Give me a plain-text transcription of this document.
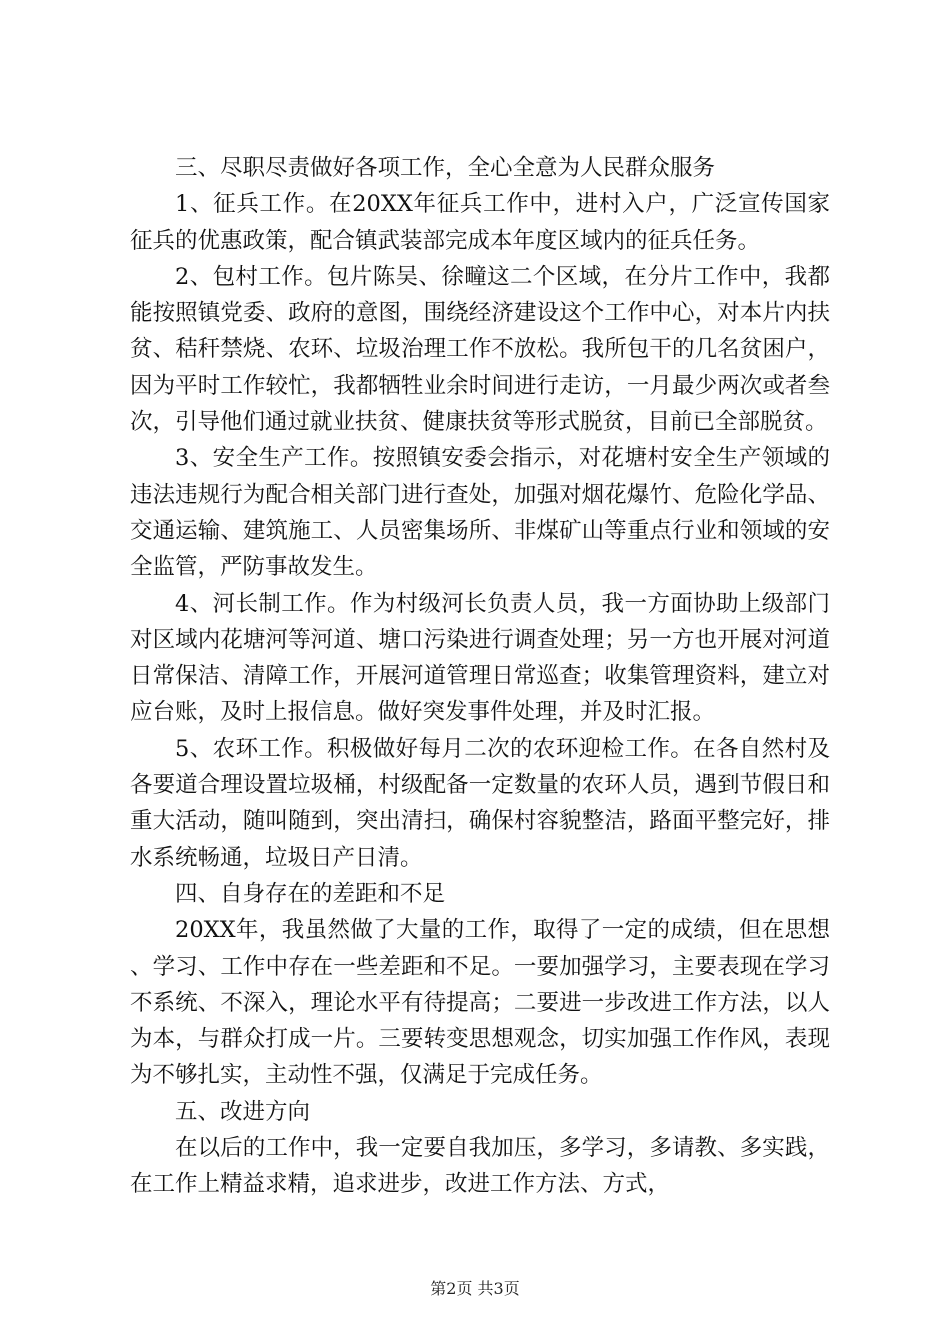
三、尽职尽责做好各项工作，全心全意为人民群众服务

1、征兵工作。在20XX年征兵工作中，进村入户，广泛宣传国家征兵的优惠政策，配合镇武装部完成本年度区域内的征兵任务。

2、包村工作。包片陈吴、徐疃这二个区域，在分片工作中，我都能按照镇党委、政府的意图，围绕经济建设这个工作中心，对本片内扶贫、秸秆禁烧、农环、垃圾治理工作不放松。我所包干的几名贫困户，因为平时工作较忙，我都牺牲业余时间进行走访，一月最少两次或者叁次，引导他们通过就业扶贫、健康扶贫等形式脱贫，目前已全部脱贫。

3、安全生产工作。按照镇安委会指示，对花塘村安全生产领域的违法违规行为配合相关部门进行查处，加强对烟花爆竹、危险化学品、交通运输、建筑施工、人员密集场所、非煤矿山等重点行业和领域的安全监管，严防事故发生。

4、河长制工作。作为村级河长负责人员，我一方面协助上级部门对区域内花塘河等河道、塘口污染进行调查处理；另一方也开展对河道日常保洁、清障工作，开展河道管理日常巡查；收集管理资料，建立对应台账，及时上报信息。做好突发事件处理，并及时汇报。

5、农环工作。积极做好每月二次的农环迎检工作。在各自然村及各要道合理设置垃圾桶，村级配备一定数量的农环人员，遇到节假日和重大活动，随叫随到，突出清扫，确保村容貌整洁，路面平整完好，排水系统畅通，垃圾日产日清。

四、自身存在的差距和不足

20XX年，我虽然做了大量的工作，取得了一定的成绩，但在思想、学习、工作中存在一些差距和不足。一要加强学习，主要表现在学习不系统、不深入，理论水平有待提高；二要进一步改进工作方法，以人为本，与群众打成一片。三要转变思想观念，切实加强工作作风，表现为不够扎实，主动性不强，仅满足于完成任务。

五、改进方向

在以后的工作中，我一定要自我加压，多学习，多请教、多实践，在工作上精益求精，追求进步，改进工作方法、方式，

第2页 共3页
